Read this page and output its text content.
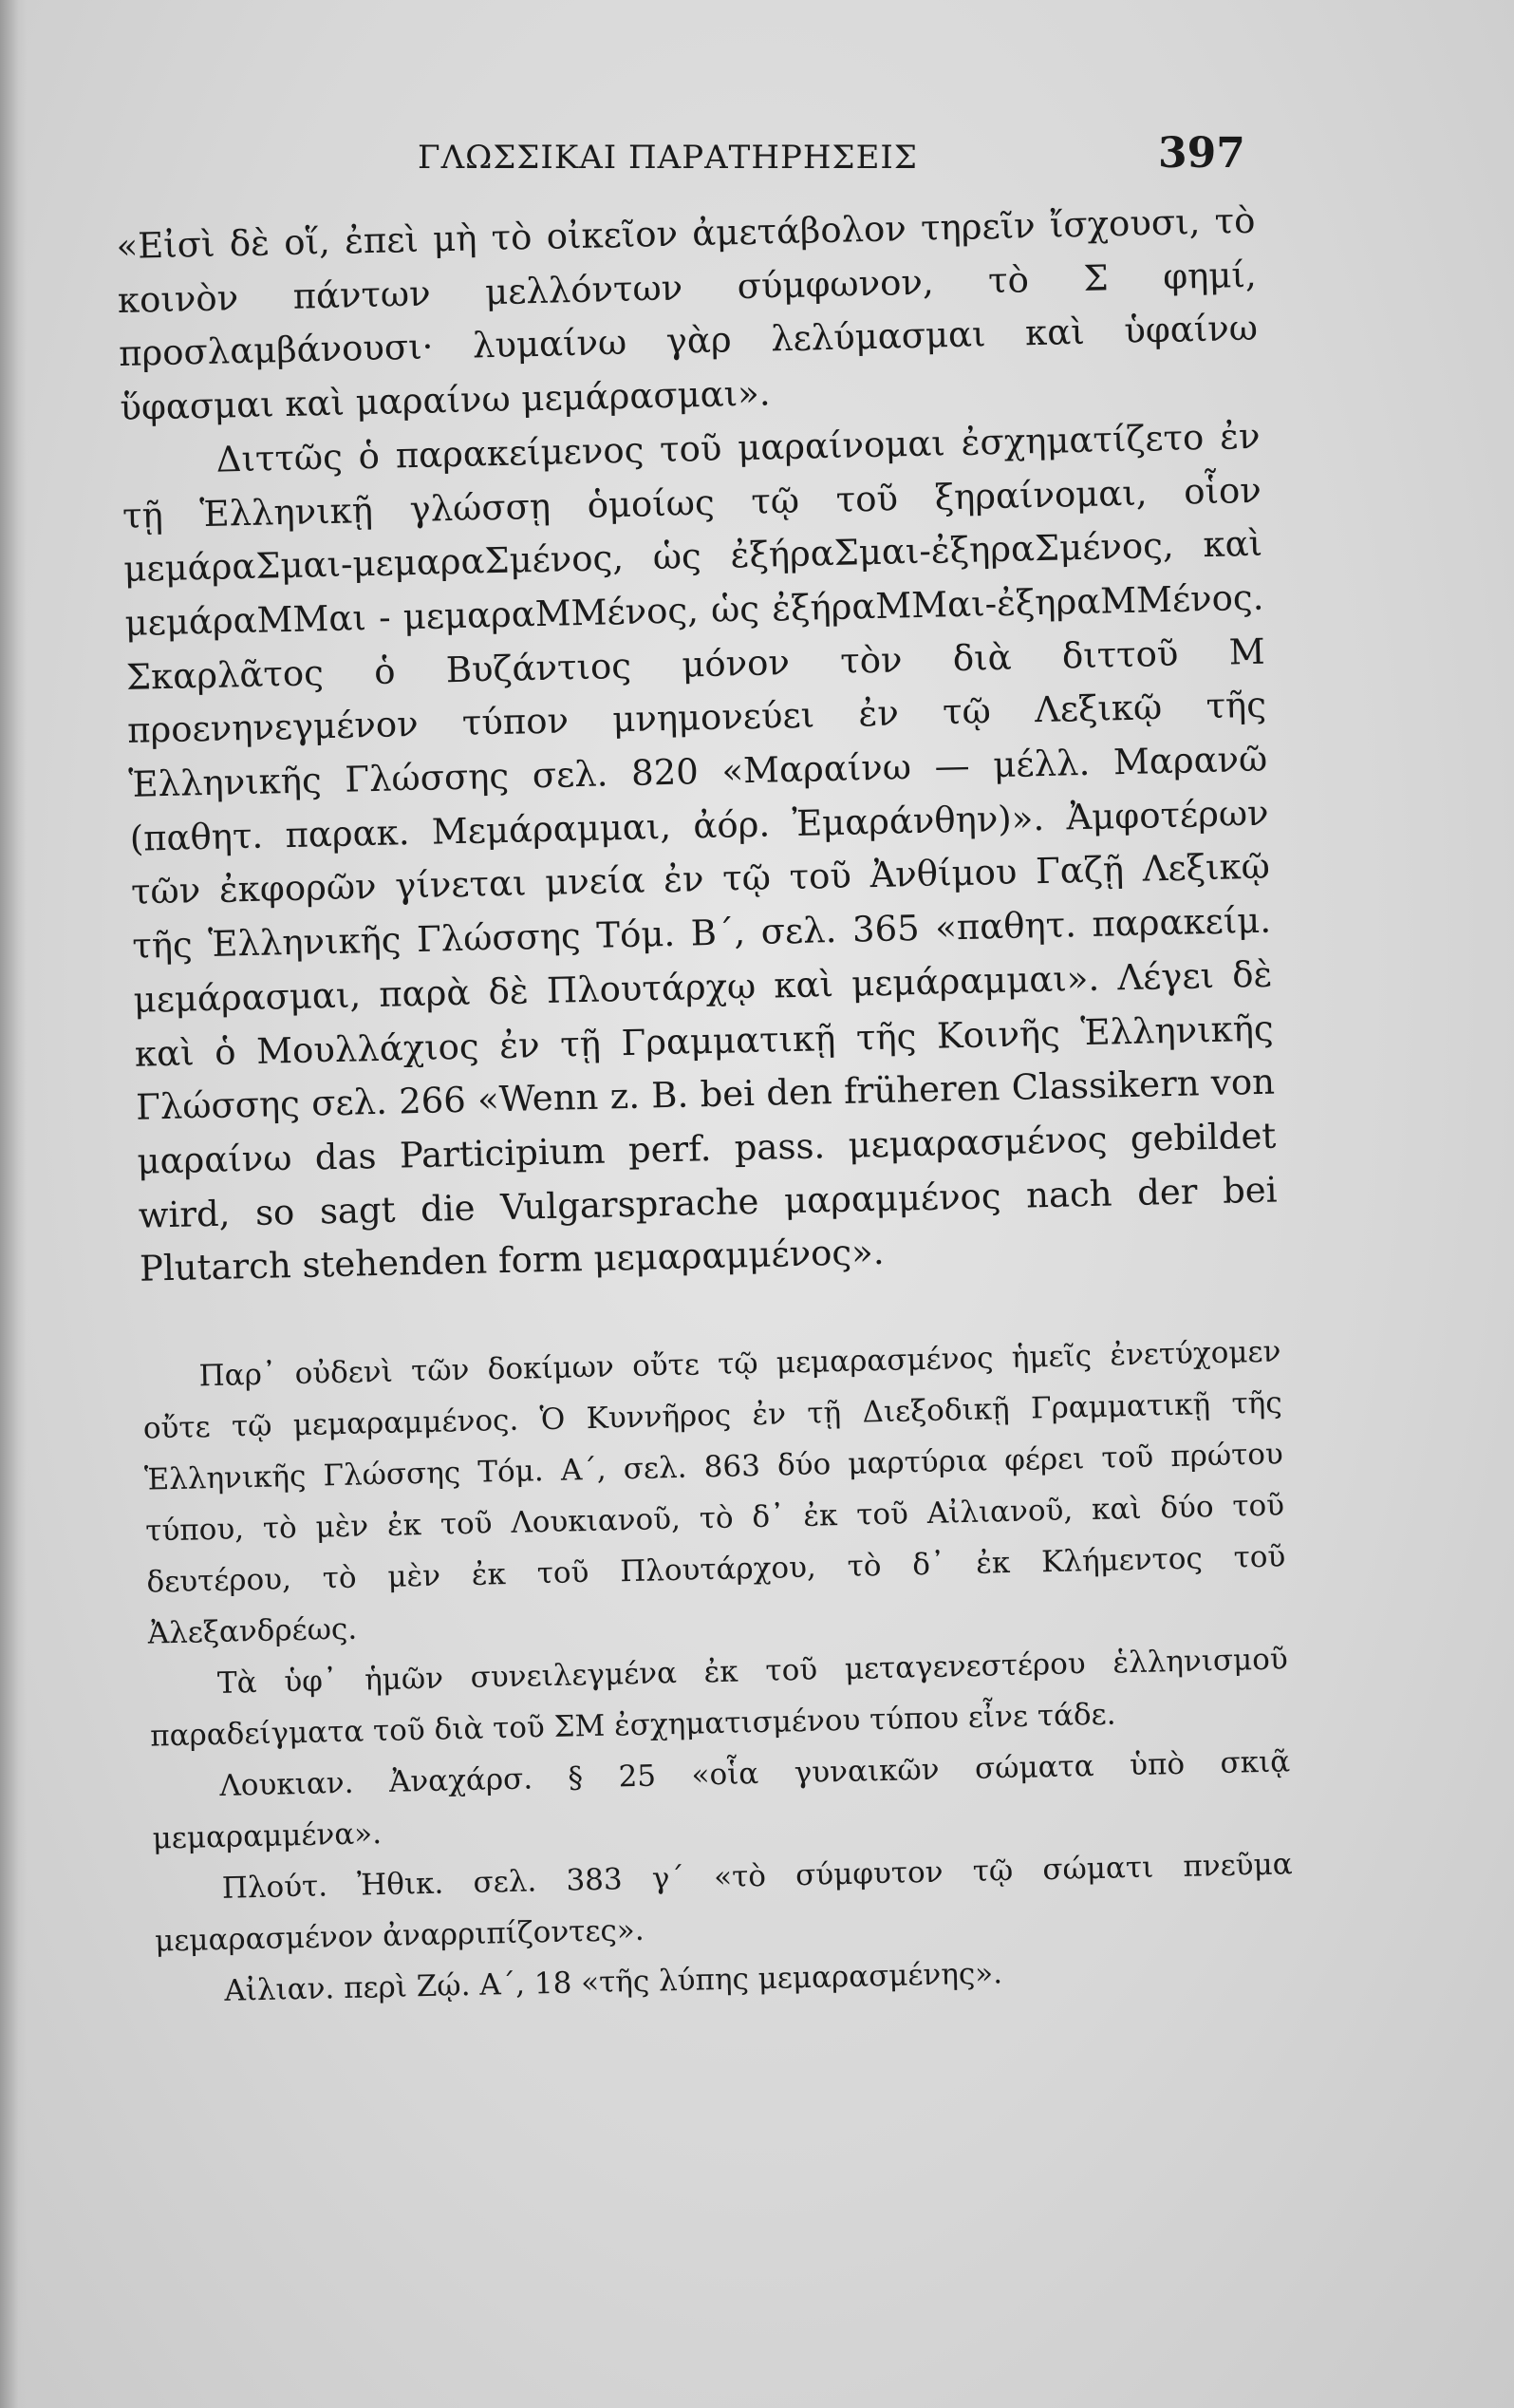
ΓΛΩΣΣΙΚΑΙ ΠΑΡΑΤΗΡΗΣΕΙΣ	397

«Εἰσὶ δὲ οἵ, ἐπεὶ μὴ τὸ οἰκεῖον ἀμετάβολον τηρεῖν ἴσχουσι, τὸ κοινὸν πάντων μελλόντων σύμφωνον, τὸ Σ φημί, προσλαμβάνουσι· λυμαίνω γὰρ λελύμασμαι καὶ ὑφαίνω ὕφασμαι καὶ μαραίνω μεμάρασμαι».

Διττῶς ὁ παρακείμενος τοῦ μαραίνομαι ἐσχηματίζετο ἐν τῇ Ἑλληνικῇ γλώσσῃ ὁμοίως τῷ τοῦ ξηραίνομαι, οἷον μεμάραΣμαι-μεμαραΣμένος, ὡς ἐξήραΣμαι-ἐξηραΣμένος, καὶ μεμάραΜΜαι - μεμαραΜΜένος, ὡς ἐξήραΜΜαι-ἐξηραΜΜένος. Σκαρλᾶτος ὁ Βυζάντιος μόνον τὸν διὰ διττοῦ Μ προενηνεγμένον τύπον μνημονεύει ἐν τῷ Λεξικῷ τῆς Ἑλληνικῆς Γλώσσης σελ. 820 «Μαραίνω — μέλλ. Μαρανῶ (παθητ. παρακ. Μεμάραμμαι, ἀόρ. Ἐμαράνθην)». Ἀμφοτέρων τῶν ἐκφορῶν γίνεται μνεία ἐν τῷ τοῦ Ἀνθίμου Γαζῇ Λεξικῷ τῆς Ἑλληνικῆς Γλώσσης Τόμ. Β΄, σελ. 365 «παθητ. παρακείμ. μεμάρασμαι, παρὰ δὲ Πλουτάρχῳ καὶ μεμάραμμαι». Λέγει δὲ καὶ ὁ Μουλλάχιος ἐν τῇ Γραμματικῇ τῆς Κοινῆς Ἑλληνικῆς Γλώσσης σελ. 266 «Wenn z. B. bei den früheren Classikern von μαραίνω das Participium perf. pass. μεμαρασμένος gebildet wird, so sagt die Vulgarsprache μαραμμένος nach der bei Plutarch stehenden form μεμαραμμένος».

Παρ᾽ οὐδενὶ τῶν δοκίμων οὔτε τῷ μεμαρασμένος ἡμεῖς ἐνετύχομεν οὔτε τῷ μεμαραμμένος. Ὁ Κυννῆρος ἐν τῇ Διεξοδικῇ Γραμματικῇ τῆς Ἑλληνικῆς Γλώσσης Τόμ. Α΄, σελ. 863 δύο μαρτύρια φέρει τοῦ πρώτου τύπου, τὸ μὲν ἐκ τοῦ Λουκιανοῦ, τὸ δ᾽ ἐκ τοῦ Αἰλιανοῦ, καὶ δύο τοῦ δευτέρου, τὸ μὲν ἐκ τοῦ Πλουτάρχου, τὸ δ᾽ ἐκ Κλήμεντος τοῦ Ἀλεξανδρέως.

Τὰ ὑφ᾽ ἡμῶν συνειλεγμένα ἐκ τοῦ μεταγενεστέρου ἑλληνισμοῦ παραδείγματα τοῦ διὰ τοῦ ΣΜ ἐσχηματισμένου τύπου εἶνε τάδε.

Λουκιαν. Ἀναχάρσ. § 25 «οἷα γυναικῶν σώματα ὑπὸ σκιᾷ μεμαραμμένα».

Πλούτ. Ἠθικ. σελ. 383 γ΄ «τὸ σύμφυτον τῷ σώματι πνεῦμα μεμαρασμένον ἀναρριπίζοντες».

Αἰλιαν. περὶ Ζῴ. Α΄, 18 «τῆς λύπης μεμαρασμένης».
